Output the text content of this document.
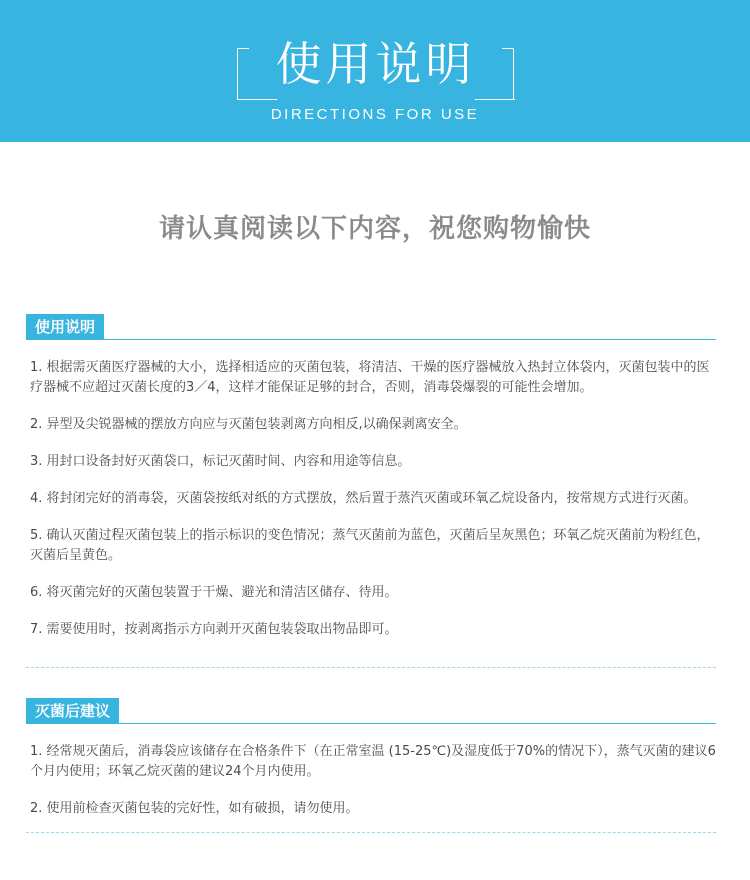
使用说明
DIRECTIONS FOR USE
请认真阅读以下内容，祝您购物愉快
使用说明
1. 根据需灭菌医疗器械的大小，选择相适应的灭菌包装，将清洁、干燥的医疗器械放入热封立体袋内，灭菌包装中的医疗器械不应超过灭菌长度的3／4，这样才能保证足够的封合，否则，消毒袋爆裂的可能性会增加。
2. 异型及尖锐器械的摆放方向应与灭菌包装剥离方向相反,以确保剥离安全。
3. 用封口设备封好灭菌袋口，标记灭菌时间、内容和用途等信息。
4. 将封闭完好的消毒袋，灭菌袋按纸对纸的方式摆放，然后置于蒸汽灭菌或环氧乙烷设备内，按常规方式进行灭菌。
5. 确认灭菌过程灭菌包装上的指示标识的变色情况；蒸气灭菌前为蓝色，灭菌后呈灰黑色；环氧乙烷灭菌前为粉红色，灭菌后呈黄色。
6. 将灭菌完好的灭菌包装置于干燥、避光和清洁区储存、待用。
7. 需要使用时，按剥离指示方向剥开灭菌包装袋取出物品即可。
灭菌后建议
1. 经常规灭菌后，消毒袋应该储存在合格条件下（在正常室温 (15-25℃)及湿度低于70%的情况下），蒸气灭菌的建议6个月内使用；环氧乙烷灭菌的建议24个月内使用。
2. 使用前检查灭菌包装的完好性，如有破损，请勿使用。
